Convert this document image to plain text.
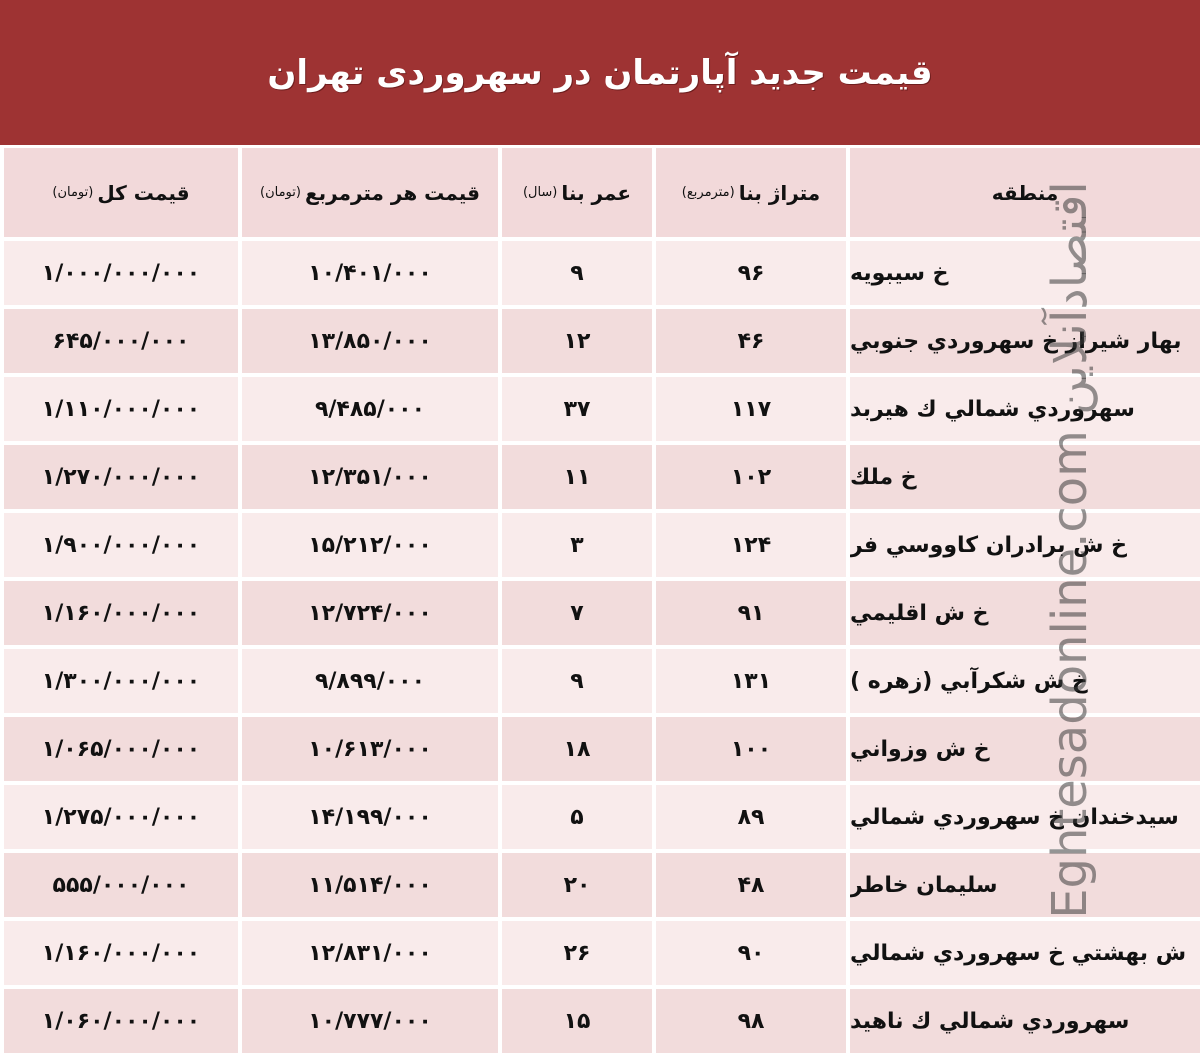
قیمت جدید آپارتمان در سهروردی تهران
منطقه
متراژ بنا
(مترمربع)
عمر بنا
(سال)
قیمت هر مترمربع
(تومان)
قیمت کل
(تومان)
خ سيبويه
۹۶
۹
۱۰/۴۰۱/۰۰۰
۱/۰۰۰/۰۰۰/۰۰۰
بهار شيراز خ سهروردي جنوبي
۴۶
۱۲
۱۳/۸۵۰/۰۰۰
۶۴۵/۰۰۰/۰۰۰
سهروردي شمالي ك هيربد
۱۱۷
۳۷
۹/۴۸۵/۰۰۰
۱/۱۱۰/۰۰۰/۰۰۰
خ ملك
۱۰۲
۱۱
۱۲/۳۵۱/۰۰۰
۱/۲۷۰/۰۰۰/۰۰۰
خ ش برادران كاووسي فر
۱۲۴
۳
۱۵/۲۱۲/۰۰۰
۱/۹۰۰/۰۰۰/۰۰۰
خ ش اقليمي
۹۱
۷
۱۲/۷۲۴/۰۰۰
۱/۱۶۰/۰۰۰/۰۰۰
خ ش شكرآبي (زهره )
۱۳۱
۹
۹/۸۹۹/۰۰۰
۱/۳۰۰/۰۰۰/۰۰۰
خ ش وزواني
۱۰۰
۱۸
۱۰/۶۱۳/۰۰۰
۱/۰۶۵/۰۰۰/۰۰۰
سيدخندان خ سهروردي شمالي
۸۹
۵
۱۴/۱۹۹/۰۰۰
۱/۲۷۵/۰۰۰/۰۰۰
سليمان خاطر
۴۸
۲۰
۱۱/۵۱۴/۰۰۰
۵۵۵/۰۰۰/۰۰۰
ش بهشتي خ سهروردي شمالي
۹۰
۲۶
۱۲/۸۳۱/۰۰۰
۱/۱۶۰/۰۰۰/۰۰۰
سهروردي شمالي ك ناهيد
۹۸
۱۵
۱۰/۷۷۷/۰۰۰
۱/۰۶۰/۰۰۰/۰۰۰
Eghtesadonline.com اقتصادآنلاین
